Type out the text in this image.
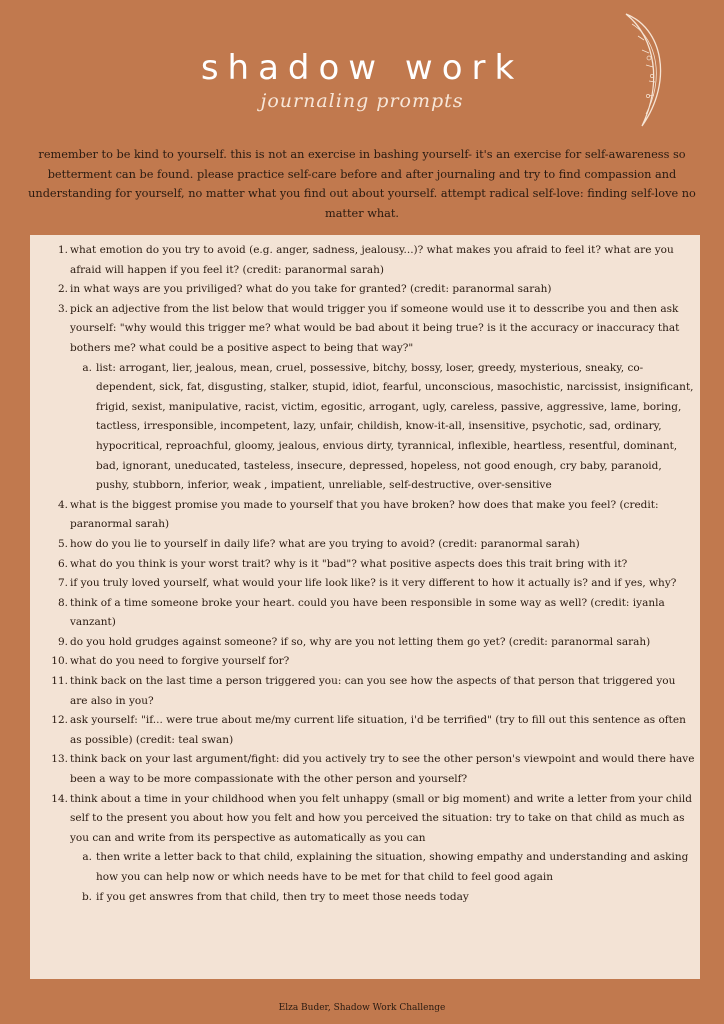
shadow work
journaling prompts
remember to be kind to yourself. this is not an exercise in bashing yourself- it's an exercise for self-awareness so betterment can be found. please practice self-care before and after journaling and try to find compassion and understanding for yourself, no matter what you find out about yourself. attempt radical self-love: finding self-love no matter what.
1. what emotion do you try to avoid (e.g. anger, sadness, jealousy...)? what makes you afraid to feel it? what are you afraid will happen if you feel it? (credit: paranormal sarah)
2. in what ways are you priviliged? what do you take for granted? (credit: paranormal sarah)
3. pick an adjective from the list below that would trigger you if someone would use it to desscribe you and then ask yourself: "why would this trigger me? what would be bad about it being true? is it the accuracy or inaccuracy that bothers me? what could be a positive aspect to being that way?"
a. list: arrogant, lier, jealous, mean, cruel, possessive, bitchy, bossy, loser, greedy, mysterious, sneaky, co-dependent, sick, fat, disgusting, stalker, stupid, idiot, fearful, unconscious, masochistic, narcissist, insignificant, frigid, sexist, manipulative, racist, victim, egositic, arrogant, ugly, careless, passive, aggressive, lame, boring, tactless, irresponsible, incompetent, lazy, unfair, childish, know-it-all, insensitive, psychotic, sad, ordinary, hypocritical, reproachful, gloomy, jealous, envious dirty, tyrannical, inflexible, heartless, resentful, dominant, bad, ignorant, uneducated, tasteless, insecure, depressed, hopeless, not good enough, cry baby, paranoid, pushy, stubborn, inferior, weak , impatient, unreliable, self-destructive, over-sensitive
4. what is the biggest promise you made to yourself that you have broken? how does that make you feel? (credit: paranormal sarah)
5. how do you lie to yourself in daily life? what are you trying to avoid? (credit: paranormal sarah)
6. what do you think is your worst trait? why is it "bad"? what positive aspects does this trait bring with it?
7. if you truly loved yourself, what would your life look like? is it very different to how it actually is? and if yes, why?
8. think of a time someone broke your heart. could you have been responsible in some way as well? (credit: iyanla vanzant)
9. do you hold grudges against someone? if so, why are you not letting them go yet? (credit: paranormal sarah)
10. what do you need to forgive yourself for?
11. think back on the last time a person triggered you: can you see how the aspects of that person that triggered you are also in you?
12. ask yourself: "if... were true about me/my current life situation, i'd be terrified" (try to fill out this sentence as often as possible) (credit: teal swan)
13. think back on your last argument/fight: did you actively try to see the other person's viewpoint and would there have been a way to be more compassionate with the other person and yourself?
14. think about a time in your childhood when you felt unhappy (small or big moment) and write a letter from your child self to the present you about how you felt and how you perceived the situation: try to take on that child as much as you can and write from its perspective as automatically as you can
a. then write a letter back to that child, explaining the situation, showing empathy and understanding and asking how you can help now or which needs have to be met for that child to feel good again
b. if you get answres from that child, then try to meet those needs today
Elza Buder, Shadow Work Challenge
